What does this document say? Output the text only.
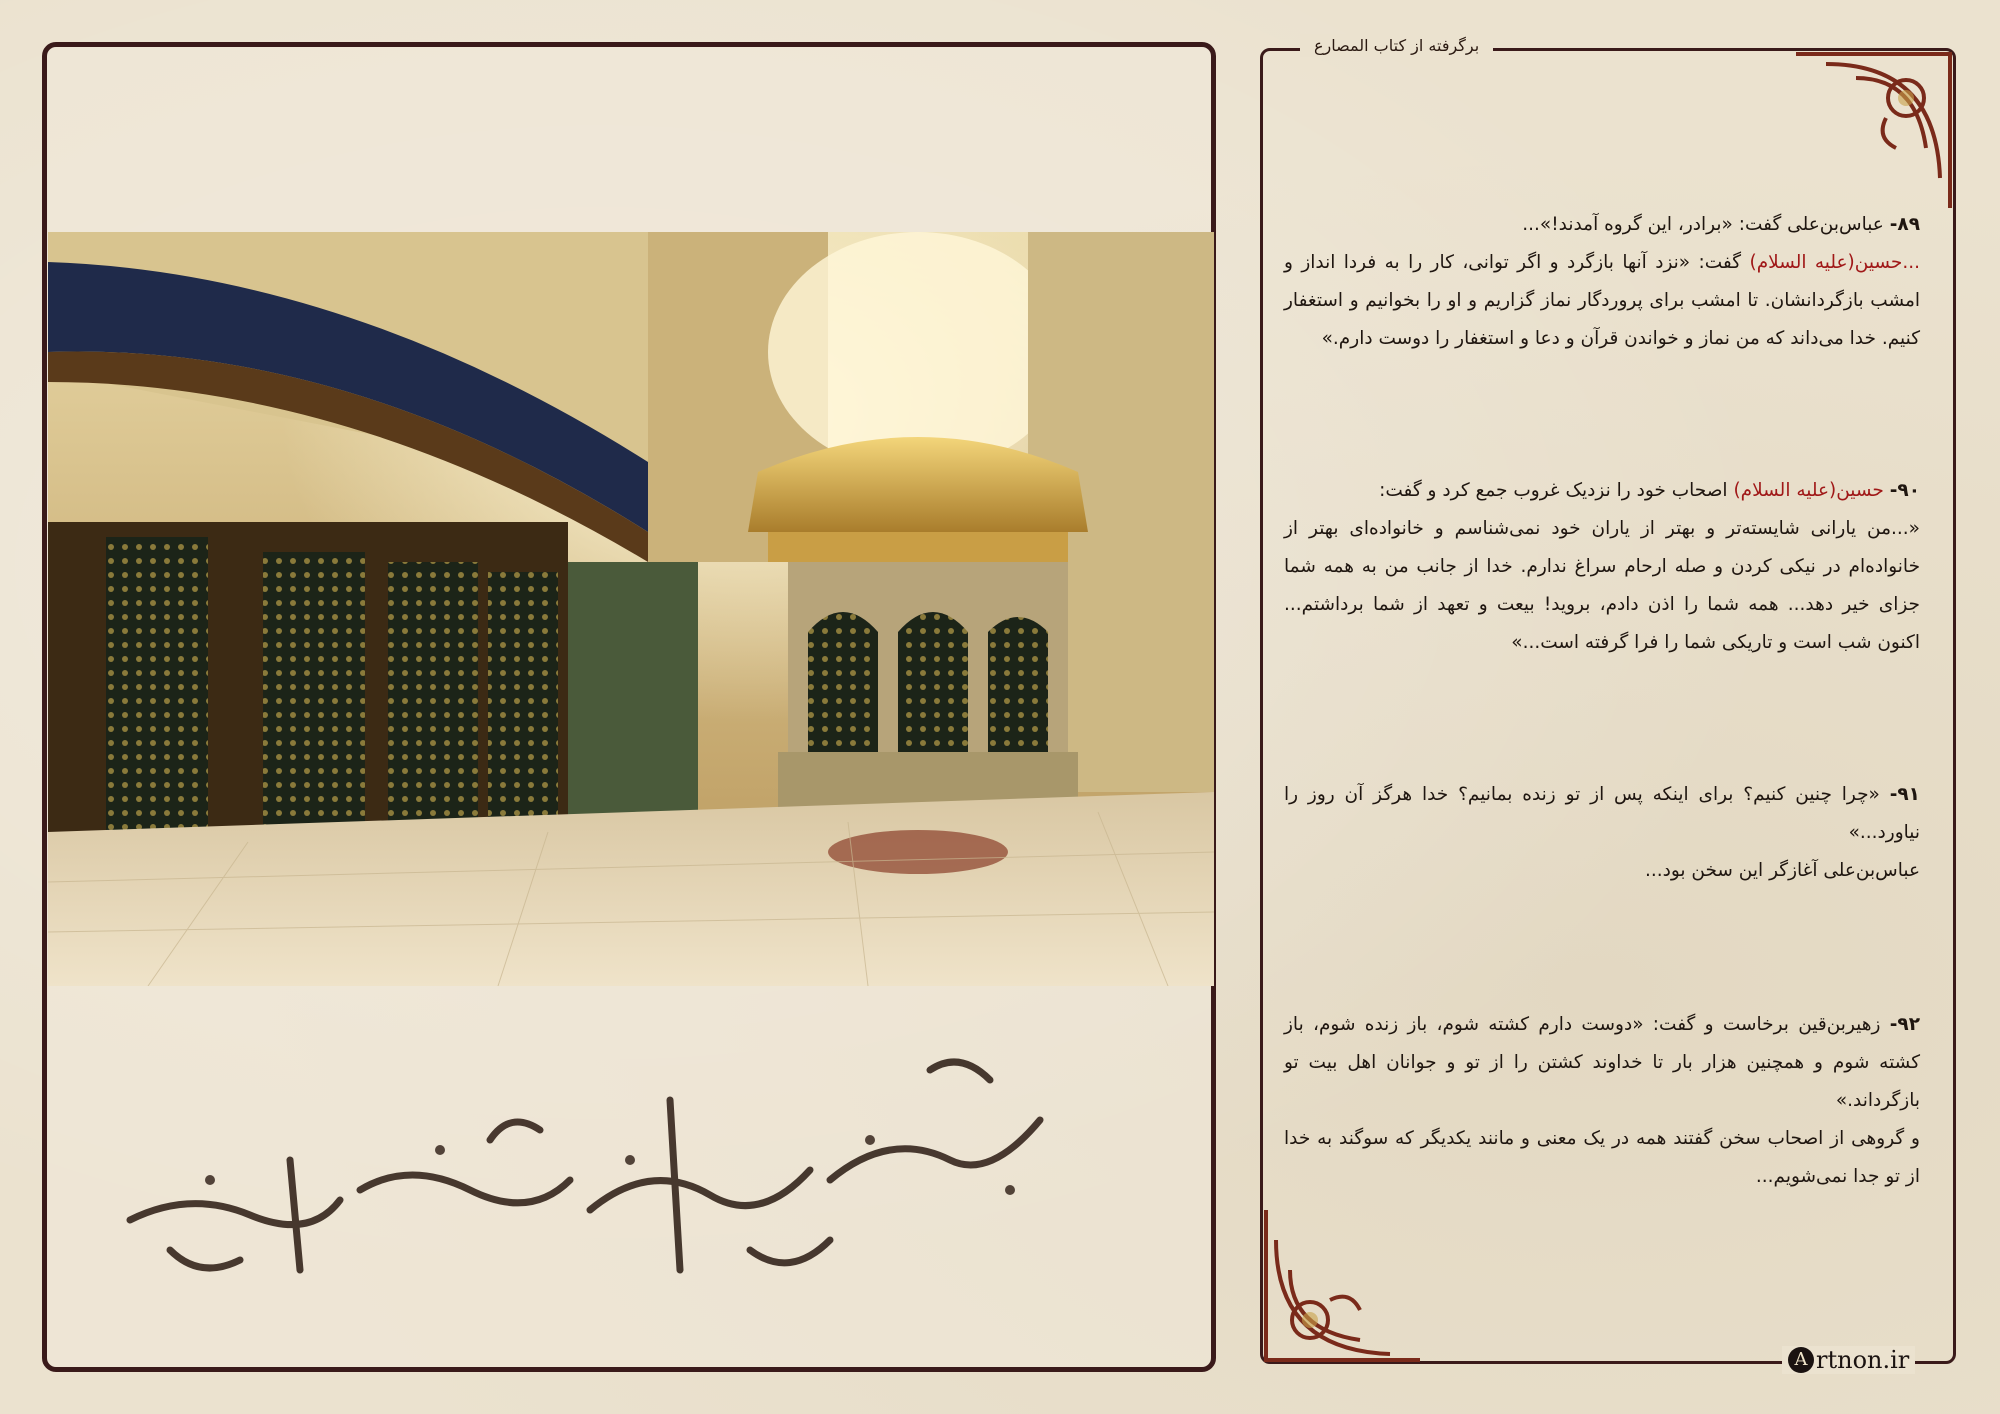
برگرفته از کتاب المصارع

۸۹- عباس‌بن‌علی گفت: «برادر، این گروه آمدند!»...

...حسین(علیه السلام) گفت: «نزد آنها بازگرد و اگر توانی، کار را به فردا انداز و امشب بازگردانشان. تا امشب برای پروردگار نماز گزاریم و او را بخوانیم و استغفار کنیم. خدا می‌داند که من نماز و خواندن قرآن و دعا و استغفار را دوست دارم.»

۹۰- حسین(علیه السلام) اصحاب خود را نزدیک غروب جمع کرد و گفت:

«...من یارانی شایسته‌تر و بهتر از یاران خود نمی‌شناسم و خانواده‌ای بهتر از خانواده‌ام در نیکی کردن و صله ارحام سراغ ندارم. خدا از جانب من به همه شما جزای خیر دهد... همه شما را اذن دادم، بروید! بیعت و تعهد از شما برداشتم... اکنون شب است و تاریکی شما را فرا گرفته است...»

۹۱- «چرا چنین کنیم؟ برای اینکه پس از تو زنده بمانیم؟ خدا هرگز آن روز را نیاورد...»

عباس‌بن‌علی آغازگر این سخن بود...

۹۲- زهیربن‌قین برخاست و گفت: «دوست دارم کشته شوم، باز زنده شوم، باز کشته شوم و همچنین هزار بار تا خداوند کشتن را از تو و جوانان اهل بیت تو بازگرداند.»

و گروهی از اصحاب سخن گفتند همه در یک معنی و مانند یکدیگر که سوگند به خدا از تو جدا نمی‌شویم...

A rtnon.ir
